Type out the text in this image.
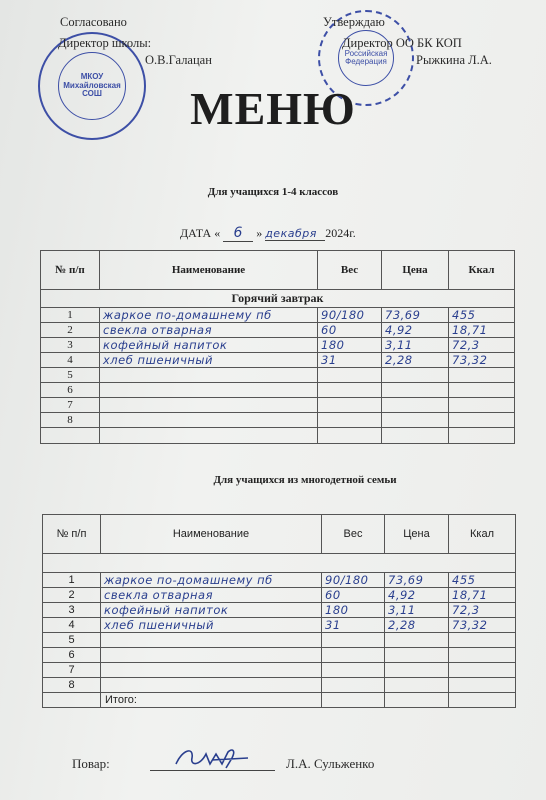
МКОУ Михайловская СОШ
Российская Федерация
Согласовано
Директор школы:
О.В.Галацан
Утверждаю
Директор ОО БК КОП
Рыжкина Л.А.
МЕНЮ
Для учащихся 1-4 классов
ДАТА « 6 » декабря 2024г.
№ п/п	Наименование	Вес	Цена	Ккал
Горячий завтрак				
1	жаркое по-домашнему пб	90/180	73,69	455
2	свекла отварная	60	4,92	18,71
3	кофейный напиток	180	3,11	72,3
4	хлеб пшеничный	31	2,28	73,32
5				
6				
7				
8				

Для учащихся из многодетной семьи
№ п/п	Наименование	Вес	Цена	Ккал

1	жаркое по-домашнему пб	90/180	73,69	455
2	свекла отварная	60	4,92	18,71
3	кофейный напиток	180	3,11	72,3
4	хлеб пшеничный	31	2,28	73,32
5				
6				
7				
8				
	Итого:			
Повар:	Л.А. Сульженко
